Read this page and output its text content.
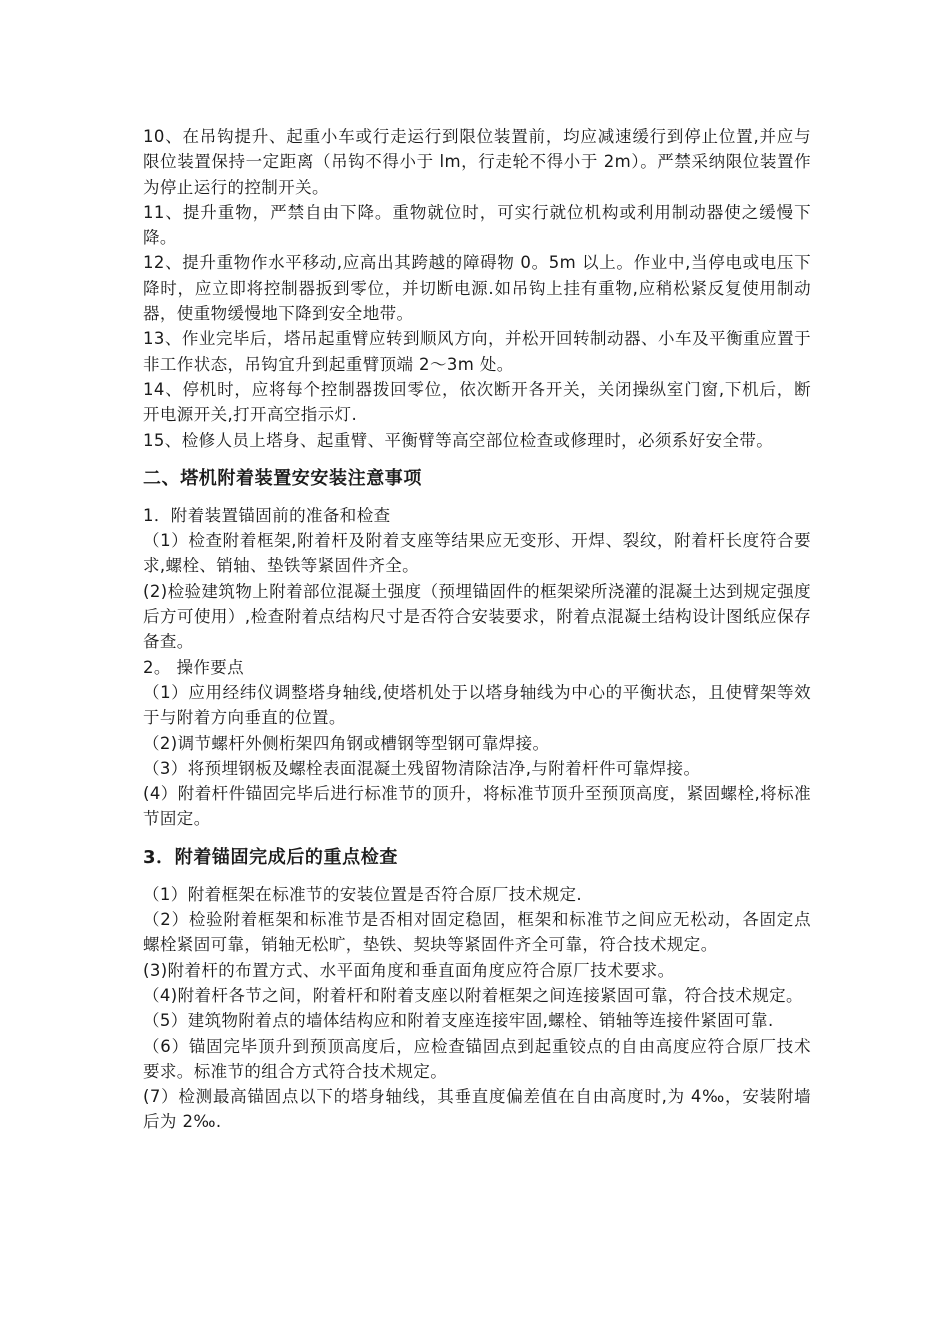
10、在吊钩提升、起重小车或行走运行到限位装置前，均应减速缓行到停止位置,并应与限位装置保持一定距离（吊钩不得小于 lm，行走轮不得小于 2m）。严禁采纳限位装置作为停止运行的控制开关。

11、提升重物，严禁自由下降。重物就位时，可实行就位机构或利用制动器使之缓慢下降。

12、提升重物作水平移动,应高出其跨越的障碍物 0。5m 以上。作业中,当停电或电压下降时，应立即将控制器扳到零位，并切断电源.如吊钩上挂有重物,应稍松紧反复使用制动器，使重物缓慢地下降到安全地带。

13、作业完毕后，塔吊起重臂应转到顺风方向，并松开回转制动器、小车及平衡重应置于非工作状态，吊钩宜升到起重臂顶端 2～3m 处。

14、停机时，应将每个控制器拨回零位，依次断开各开关，关闭操纵室门窗,下机后，断开电源开关,打开高空指示灯.

15、检修人员上塔身、起重臂、平衡臂等高空部位检查或修理时，必须系好安全带。

二、塔机附着装置安安装注意事项

1．附着装置锚固前的准备和检查

（1）检查附着框架,附着杆及附着支座等结果应无变形、开焊、裂纹，附着杆长度符合要求,螺栓、销轴、垫铁等紧固件齐全。

(2)检验建筑物上附着部位混凝土强度（预埋锚固件的框架梁所浇灌的混凝土达到规定强度后方可使用）,检查附着点结构尺寸是否符合安装要求，附着点混凝土结构设计图纸应保存备查。

2。 操作要点

（1）应用经纬仪调整塔身轴线,使塔机处于以塔身轴线为中心的平衡状态，且使臂架等效于与附着方向垂直的位置。

（2)调节螺杆外侧桁架四角钢或槽钢等型钢可靠焊接。

（3）将预埋钢板及螺栓表面混凝土残留物清除洁净,与附着杆件可靠焊接。

(4）附着杆件锚固完毕后进行标准节的顶升，将标准节顶升至预顶高度，紧固螺栓,将标准节固定。

3．附着锚固完成后的重点检查

（1）附着框架在标准节的安装位置是否符合原厂技术规定.

（2）检验附着框架和标准节是否相对固定稳固，框架和标准节之间应无松动，各固定点螺栓紧固可靠，销轴无松旷，垫铁、契块等紧固件齐全可靠，符合技术规定。

(3)附着杆的布置方式、水平面角度和垂直面角度应符合原厂技术要求。

（4)附着杆各节之间，附着杆和附着支座以附着框架之间连接紧固可靠，符合技术规定。

（5）建筑物附着点的墙体结构应和附着支座连接牢固,螺栓、销轴等连接件紧固可靠.

（6）锚固完毕顶升到预顶高度后，应检查锚固点到起重铰点的自由高度应符合原厂技术要求。标准节的组合方式符合技术规定。

(7）检测最高锚固点以下的塔身轴线，其垂直度偏差值在自由高度时,为 4‰，安装附墙后为 2‰.
